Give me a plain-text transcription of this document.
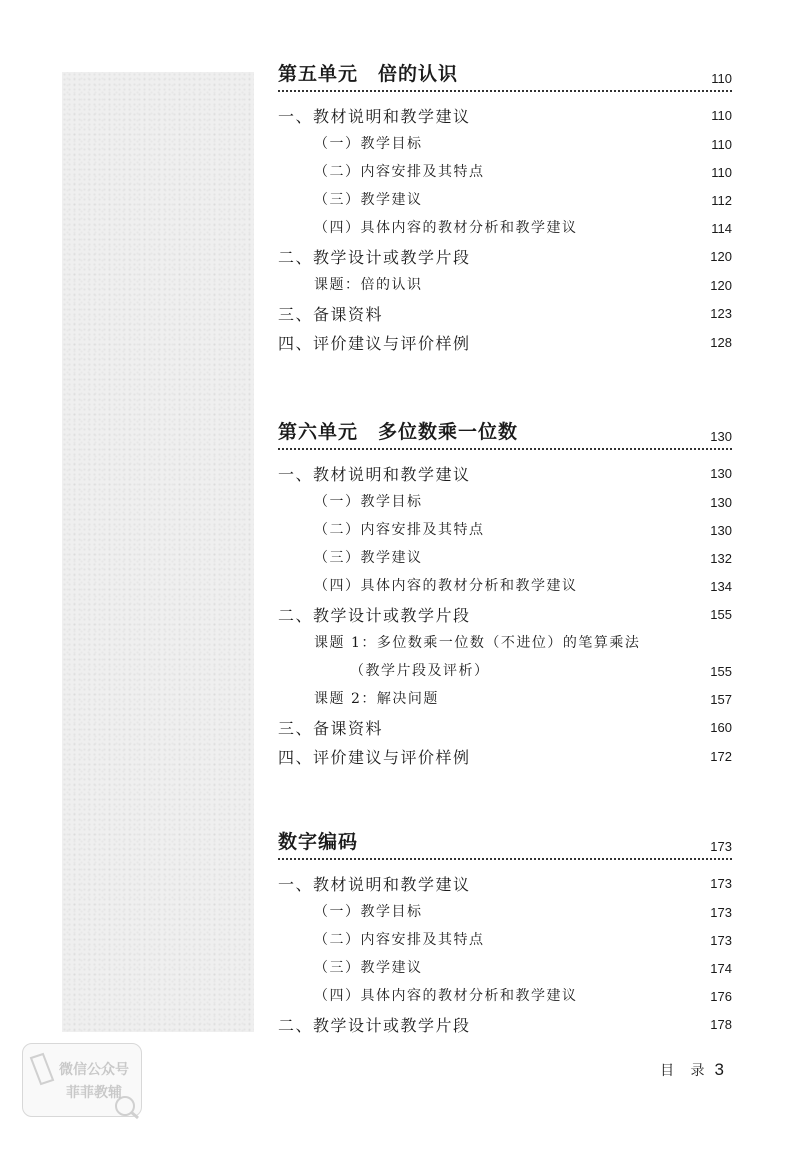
第五单元　倍的认识	110
一、教材说明和教学建议	110
（一）教学目标	110
（二）内容安排及其特点	110
（三）教学建议	112
（四）具体内容的教材分析和教学建议	114
二、教学设计或教学片段	120
课题：倍的认识	120
三、备课资料	123
四、评价建议与评价样例	128
第六单元　多位数乘一位数	130
一、教材说明和教学建议	130
（一）教学目标	130
（二）内容安排及其特点	130
（三）教学建议	132
（四）具体内容的教材分析和教学建议	134
二、教学设计或教学片段	155
课题 1：多位数乘一位数（不进位）的笔算乘法
（教学片段及评析）	155
课题 2：解决问题	157
三、备课资料	160
四、评价建议与评价样例	172
数字编码	173
一、教材说明和教学建议	173
（一）教学目标	173
（二）内容安排及其特点	173
（三）教学建议	174
（四）具体内容的教材分析和教学建议	176
二、教学设计或教学片段	178
目 录 3
微信公众号
菲菲教辅
